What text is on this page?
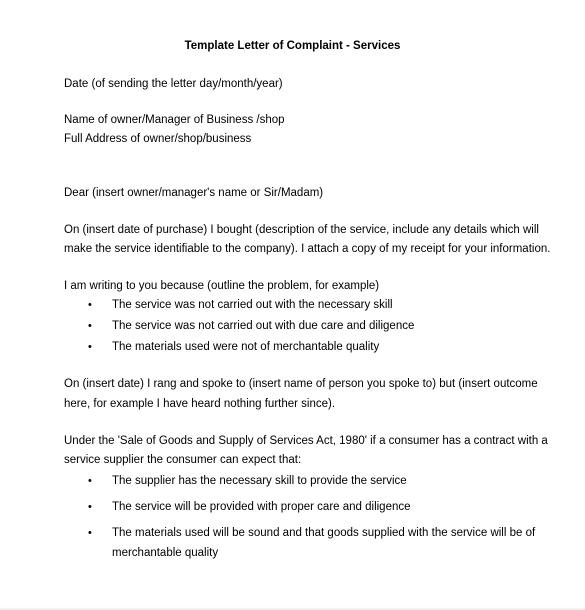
Template Letter of Complaint - Services
Date (of sending the letter day/month/year)
Name of owner/Manager of Business /shop
Full Address of owner/shop/business
Dear (insert owner/manager's name or Sir/Madam)
On (insert date of purchase) I bought (description of the service, include any details which will
make the service identifiable to the company). I attach a copy of my receipt for your information.
I am writing to you because (outline the problem, for example)
• The service was not carried out with the necessary skill
• The service was not carried out with due care and diligence
• The materials used were not of merchantable quality
On (insert date) I rang and spoke to (insert name of person you spoke to) but (insert outcome
here, for example I have heard nothing further since).
Under the 'Sale of Goods and Supply of Services Act, 1980' if a consumer has a contract with a
service supplier the consumer can expect that:
• The supplier has the necessary skill to provide the service
• The service will be provided with proper care and diligence
• The materials used will be sound and that goods supplied with the service will be of
merchantable quality
